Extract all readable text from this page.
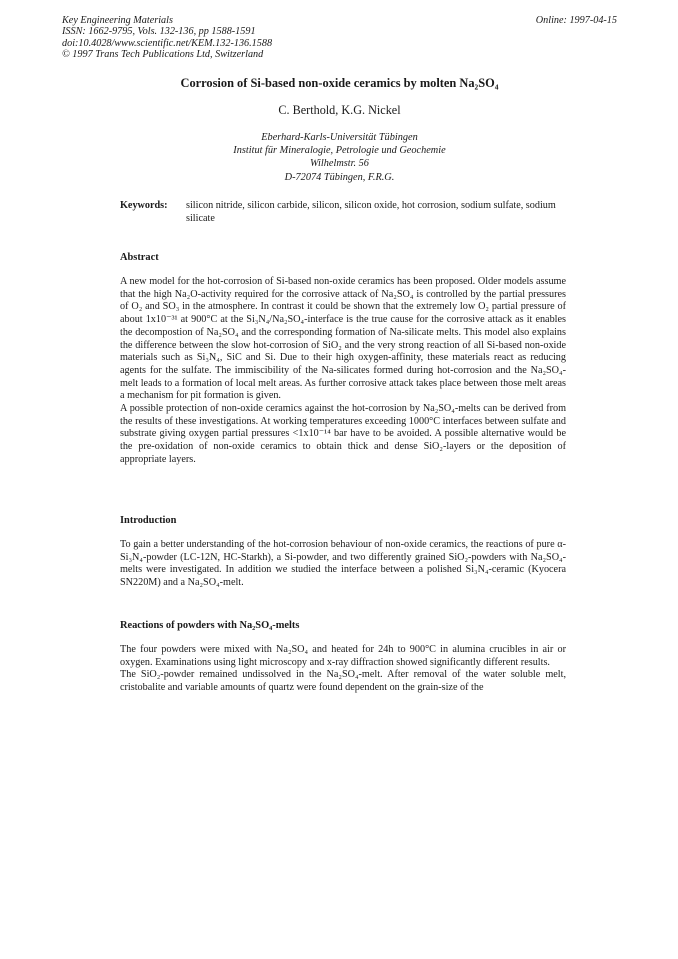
Key Engineering Materials
ISSN: 1662-9795, Vols. 132-136, pp 1588-1591
doi:10.4028/www.scientific.net/KEM.132-136.1588
© 1997 Trans Tech Publications Ltd, Switzerland
Online: 1997-04-15
Corrosion of Si-based non-oxide ceramics by molten Na₂SO₄
C. Berthold, K.G. Nickel
Eberhard-Karls-Universität Tübingen
Institut für Mineralogie, Petrologie und Geochemie
Wilhelmstr. 56
D-72074 Tübingen, F.R.G.
Keywords: silicon nitride, silicon carbide, silicon, silicon oxide, hot corrosion, sodium sulfate, sodium silicate
Abstract

A new model for the hot-corrosion of Si-based non-oxide ceramics has been proposed. Older models assume that the high Na₂O-activity required for the corrosive attack of Na₂SO₄ is controlled by the partial pressures of O₂ and SO₃ in the atmosphere. In contrast it could be shown that the extremely low O₂ partial pressure of about 1x10⁻³¹ at 900°C at the Si₃N₄/Na₂SO₄-interface is the true cause for the corrosive attack as it enables the decompostion of Na₂SO₄ and the corresponding formation of Na-silicate melts. This model also explains the difference between the slow hot-corrosion of SiO₂ and the very strong reaction of all Si-based non-oxide materials such as Si₃N₄, SiC and Si. Due to their high oxygen-affinity, these materials react as reducing agents for the sulfate. The immiscibility of the Na-silicates formed during hot-corrosion and the Na₂SO₄-melt leads to a formation of local melt areas. As further corrosive attack takes place between those melt areas a mechanism for pit formation is given.

A possible protection of non-oxide ceramics against the hot-corrosion by Na₂SO₄-melts can be derived from the results of these investigations. At working temperatures exceeding 1000°C interfaces between sulfate and substrate giving oxygen partial pressures <1x10⁻¹⁴ bar have to be avoided. A possible alternative would be the pre-oxidation of non-oxide ceramics to obtain thick and dense SiO₂-layers or the deposition of appropriate layers.

Introduction

To gain a better understanding of the hot-corrosion behaviour of non-oxide ceramics, the reactions of pure α-Si₃N₄-powder (LC-12N, HC-Starkh), a Si-powder, and two differently grained SiO₂-powders with Na₂SO₄-melts were investigated. In addition we studied the interface between a polished Si₃N₄-ceramic (Kyocera SN220M) and a Na₂SO₄-melt.

Reactions of powders with Na₂SO₄-melts

The four powders were mixed with Na₂SO₄ and heated for 24h to 900°C in alumina crucibles in air or oxygen. Examinations using light microscopy and x-ray diffraction showed significantly different results.

The SiO₂-powder remained undissolved in the Na₂SO₄-melt. After removal of the water soluble melt, cristobalite and variable amounts of quartz were found dependent on the grain-size of the
